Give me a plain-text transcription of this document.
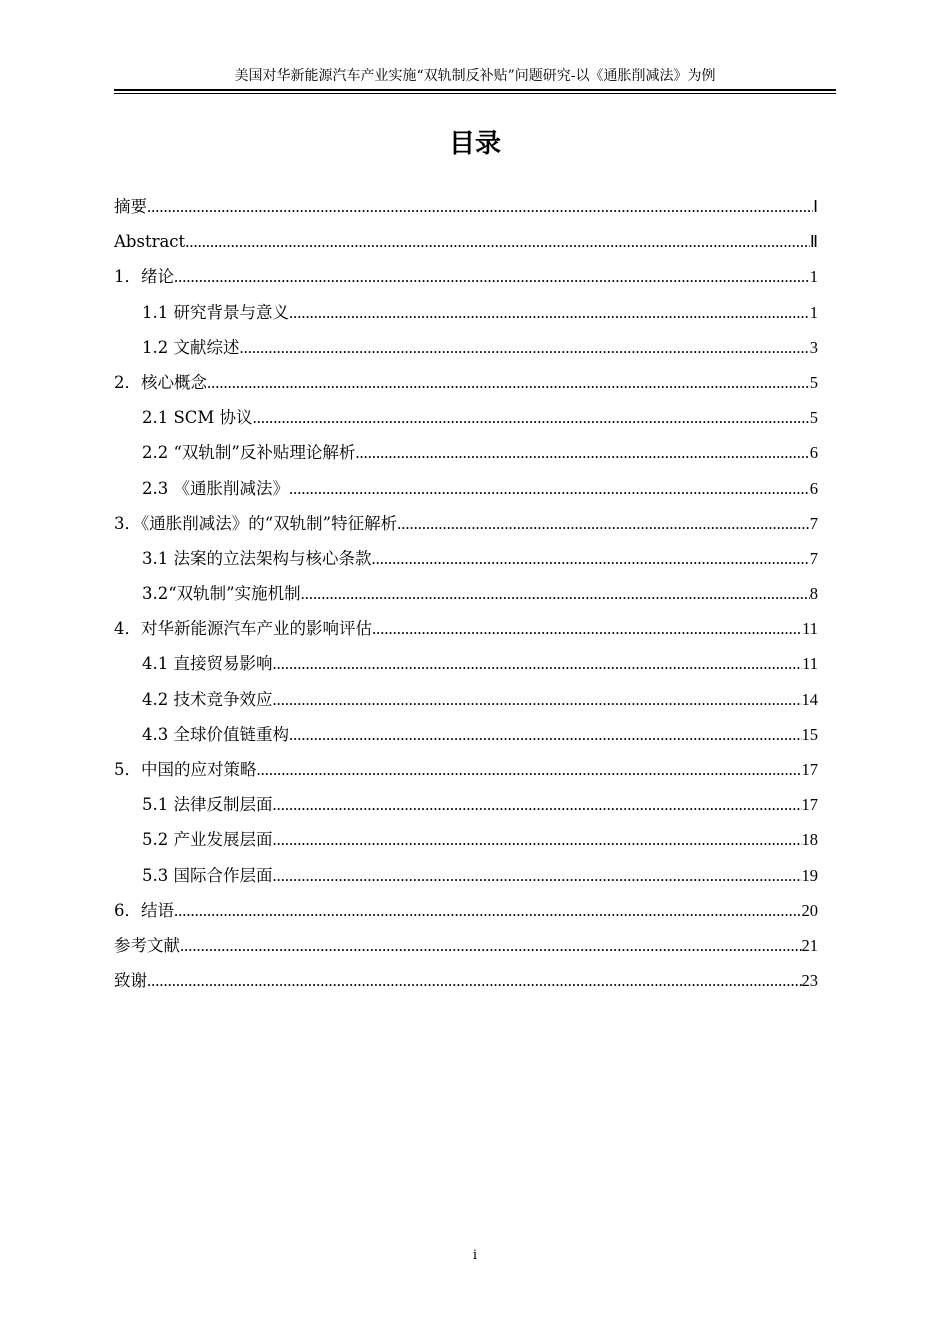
美国对华新能源汽车产业实施“双轨制反补贴”问题研究-以《通胀削减法》为例
目录
摘要 .....	Ⅰ
Abstract .....	Ⅱ
1．绪论 .....	1
1.1 研究背景与意义 .....	1
1.2 文献综述 .....	3
2．核心概念 .....	5
2.1 SCM 协议 .....	5
2.2 “双轨制”反补贴理论解析 .....	6
2.3 《通胀削减法》 .....	6
3．《通胀削减法》的“双轨制”特征解析 .....	7
3.1 法案的立法架构与核心条款 .....	7
3.2“双轨制”实施机制 .....	8
4．对华新能源汽车产业的影响评估 .....	11
4.1 直接贸易影响 .....	11
4.2 技术竞争效应 .....	14
4.3 全球价值链重构 .....	15
5．中国的应对策略 .....	17
5.1 法律反制层面 .....	17
5.2 产业发展层面 .....	18
5.3 国际合作层面 .....	19
6．结语 .....	20
参考文献 .....	21
致谢 .....	23
i
